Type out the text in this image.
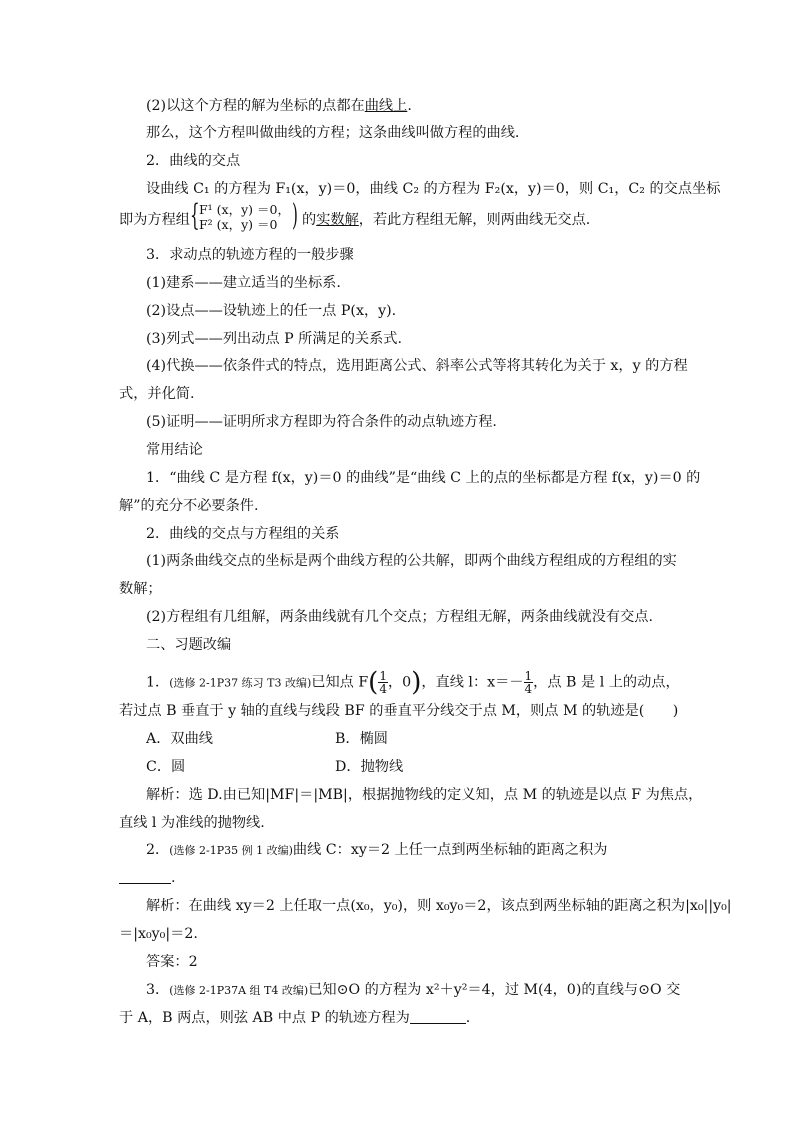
(2)以这个方程的解为坐标的点都在曲线上.
那么，这个方程叫做曲线的方程；这条曲线叫做方程的曲线.
2．曲线的交点
设曲线 C₁ 的方程为 F₁(x，y)＝0，曲线 C₂ 的方程为 F₂(x，y)＝0，则 C₁，C₂ 的交点坐标
即为方程组 { F¹ (x，y) ＝0，
F² (x，y) ＝0 ) 的实数解，若此方程组无解，则两曲线无交点.
3．求动点的轨迹方程的一般步骤
(1)建系——建立适当的坐标系.
(2)设点——设轨迹上的任一点 P(x，y).
(3)列式——列出动点 P 所满足的关系式.
(4)代换——依条件式的特点，选用距离公式、斜率公式等将其转化为关于 x，y 的方程
式，并化简.
(5)证明——证明所求方程即为符合条件的动点轨迹方程.
常用结论
1．“曲线 C 是方程 f(x，y)＝0 的曲线”是“曲线 C 上的点的坐标都是方程 f(x，y)＝0 的
解”的充分不必要条件.
2．曲线的交点与方程组的关系
(1)两条曲线交点的坐标是两个曲线方程的公共解，即两个曲线方程组成的方程组的实
数解；
(2)方程组有几组解，两条曲线就有几个交点；方程组无解，两条曲线就没有交点.
二、习题改编
1．(选修 2-1P37 练习 T3 改编)已知点 $F( \frac{1}{4}$ ，0)，直线 l：$x=- \frac{1}{4}$ ，点 B 是 l 上的动点，
若过点 B 垂直于 y 轴的直线与线段 BF 的垂直平分线交于点 M，则点 M 的轨迹是(　　)
A．双曲线	B．椭圆
C．圆	D．抛物线
解析：选 D.由已知|MF|＝|MB|，根据抛物线的定义知，点 M 的轨迹是以点 F 为焦点，
直线 l 为准线的抛物线.
2．(选修 2-1P35 例 1 改编)曲线 C：xy＝2 上任一点到两坐标轴的距离之积为
.
解析：在曲线 xy＝2 上任取一点(x₀，y₀)，则 x₀y₀＝2，该点到两坐标轴的距离之积为|x₀||y₀|
＝|x₀y₀|＝2.
答案：2
3．(选修 2-1P37A 组 T4 改编)已知⊙O 的方程为 x²＋y²＝4，过 M(4，0)的直线与⊙O 交
于 A，B 两点，则弦 AB 中点 P 的轨迹方程为	.
